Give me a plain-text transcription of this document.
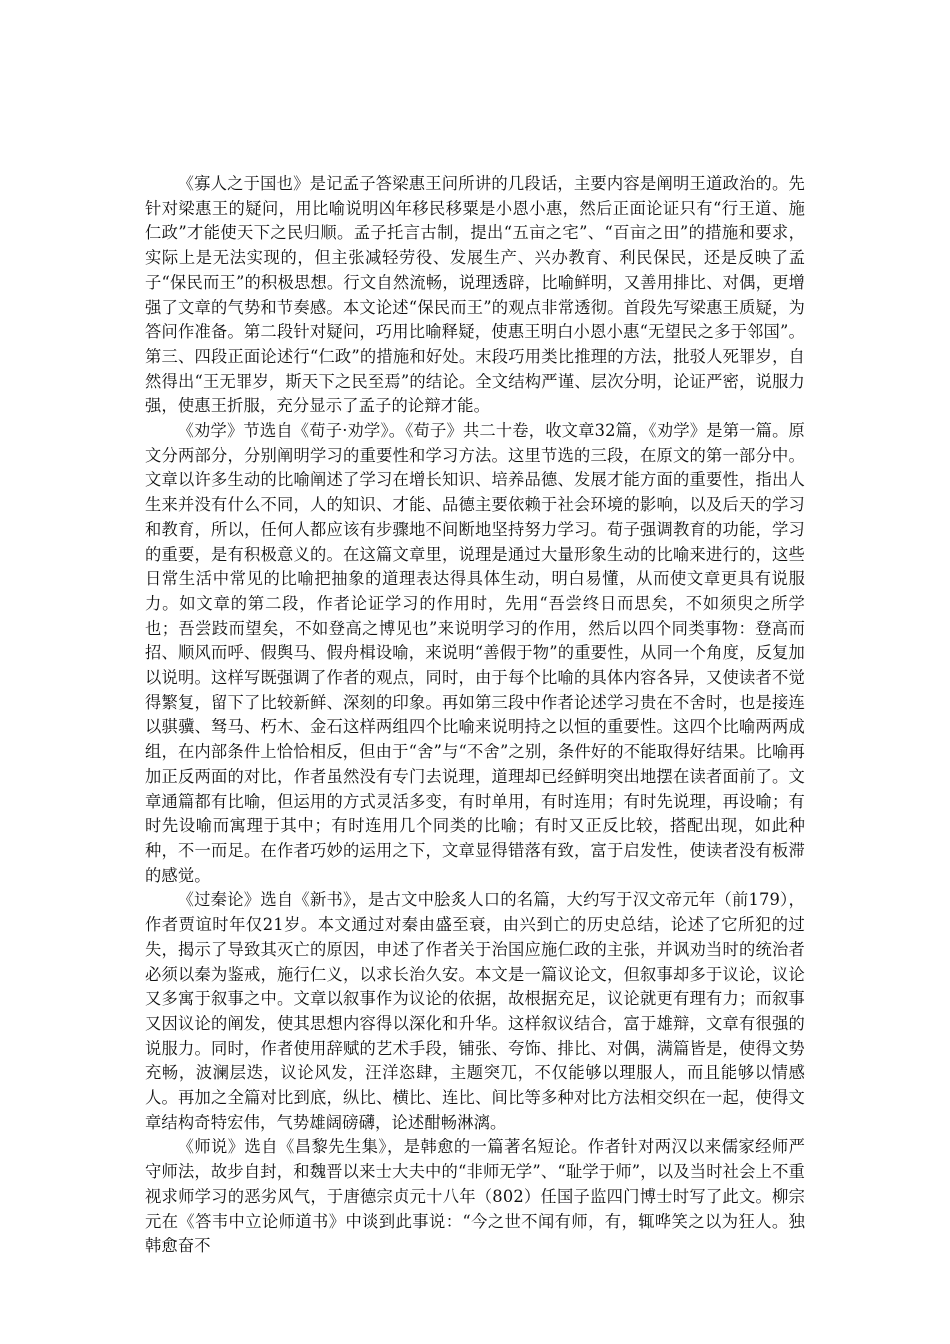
《寡人之于国也》是记孟子答梁惠王问所讲的几段话，主要内容是阐明王道政治的。先针对梁惠王的疑问，用比喻说明凶年移民移粟是小恩小惠，然后正面论证只有“行王道、施仁政”才能使天下之民归顺。孟子托言古制，提出“五亩之宅”、“百亩之田”的措施和要求，实际上是无法实现的，但主张减轻劳役、发展生产、兴办教育、利民保民，还是反映了孟子“保民而王”的积极思想。行文自然流畅，说理透辟，比喻鲜明，又善用排比、对偶，更增强了文章的气势和节奏感。本文论述“保民而王”的观点非常透彻。首段先写梁惠王质疑，为答问作准备。第二段针对疑问，巧用比喻释疑，使惠王明白小恩小惠“无望民之多于邻国”。第三、四段正面论述行“仁政”的措施和好处。末段巧用类比推理的方法，批驳人死罪岁，自然得出“王无罪岁，斯天下之民至焉”的结论。全文结构严谨、层次分明，论证严密，说服力强，使惠王折服，充分显示了孟子的论辩才能。

《劝学》节选自《荀子·劝学》。《荀子》共二十卷，收文章32篇，《劝学》是第一篇。原文分两部分，分别阐明学习的重要性和学习方法。这里节选的三段，在原文的第一部分中。文章以许多生动的比喻阐述了学习在增长知识、培养品德、发展才能方面的重要性，指出人生来并没有什么不同，人的知识、才能、品德主要依赖于社会环境的影响，以及后天的学习和教育，所以，任何人都应该有步骤地不间断地坚持努力学习。荀子强调教育的功能，学习的重要，是有积极意义的。在这篇文章里，说理是通过大量形象生动的比喻来进行的，这些日常生活中常见的比喻把抽象的道理表达得具体生动，明白易懂，从而使文章更具有说服力。如文章的第二段，作者论证学习的作用时，先用“吾尝终日而思矣，不如须臾之所学也；吾尝跂而望矣，不如登高之博见也”来说明学习的作用，然后以四个同类事物：登高而招、顺风而呼、假舆马、假舟楫设喻，来说明“善假于物”的重要性，从同一个角度，反复加以说明。这样写既强调了作者的观点，同时，由于每个比喻的具体内容各异，又使读者不觉得繁复，留下了比较新鲜、深刻的印象。再如第三段中作者论述学习贵在不舍时，也是接连以骐骥、驽马、朽木、金石这样两组四个比喻来说明持之以恒的重要性。这四个比喻两两成组，在内部条件上恰恰相反，但由于“舍”与“不舍”之别，条件好的不能取得好结果。比喻再加正反两面的对比，作者虽然没有专门去说理，道理却已经鲜明突出地摆在读者面前了。文章通篇都有比喻，但运用的方式灵活多变，有时单用，有时连用；有时先说理，再设喻；有时先设喻而寓理于其中；有时连用几个同类的比喻；有时又正反比较，搭配出现，如此种种，不一而足。在作者巧妙的运用之下，文章显得错落有致，富于启发性，使读者没有板滞的感觉。

《过秦论》选自《新书》，是古文中脍炙人口的名篇，大约写于汉文帝元年（前179），作者贾谊时年仅21岁。本文通过对秦由盛至衰，由兴到亡的历史总结，论述了它所犯的过失，揭示了导致其灭亡的原因，申述了作者关于治国应施仁政的主张，并讽劝当时的统治者必须以秦为鉴戒，施行仁义，以求长治久安。本文是一篇议论文，但叙事却多于议论，议论又多寓于叙事之中。文章以叙事作为议论的依据，故根据充足，议论就更有理有力；而叙事又因议论的阐发，使其思想内容得以深化和升华。这样叙议结合，富于雄辩，文章有很强的说服力。同时，作者使用辞赋的艺术手段，铺张、夸饰、排比、对偶，满篇皆是，使得文势充畅，波澜层迭，议论风发，汪洋恣肆，主题突兀，不仅能够以理服人，而且能够以情感人。再加之全篇对比到底，纵比、横比、连比、间比等多种对比方法相交织在一起，使得文章结构奇特宏伟，气势雄阔磅礴，论述酣畅淋漓。

《师说》选自《昌黎先生集》，是韩愈的一篇著名短论。作者针对两汉以来儒家经师严守师法，故步自封，和魏晋以来士大夫中的“非师无学”、“耻学于师”，以及当时社会上不重视求师学习的恶劣风气，于唐德宗贞元十八年（802）任国子监四门博士时写了此文。柳宗元在《答韦中立论师道书》中谈到此事说：“今之世不闻有师，有，辄哗笑之以为狂人。独韩愈奋不
